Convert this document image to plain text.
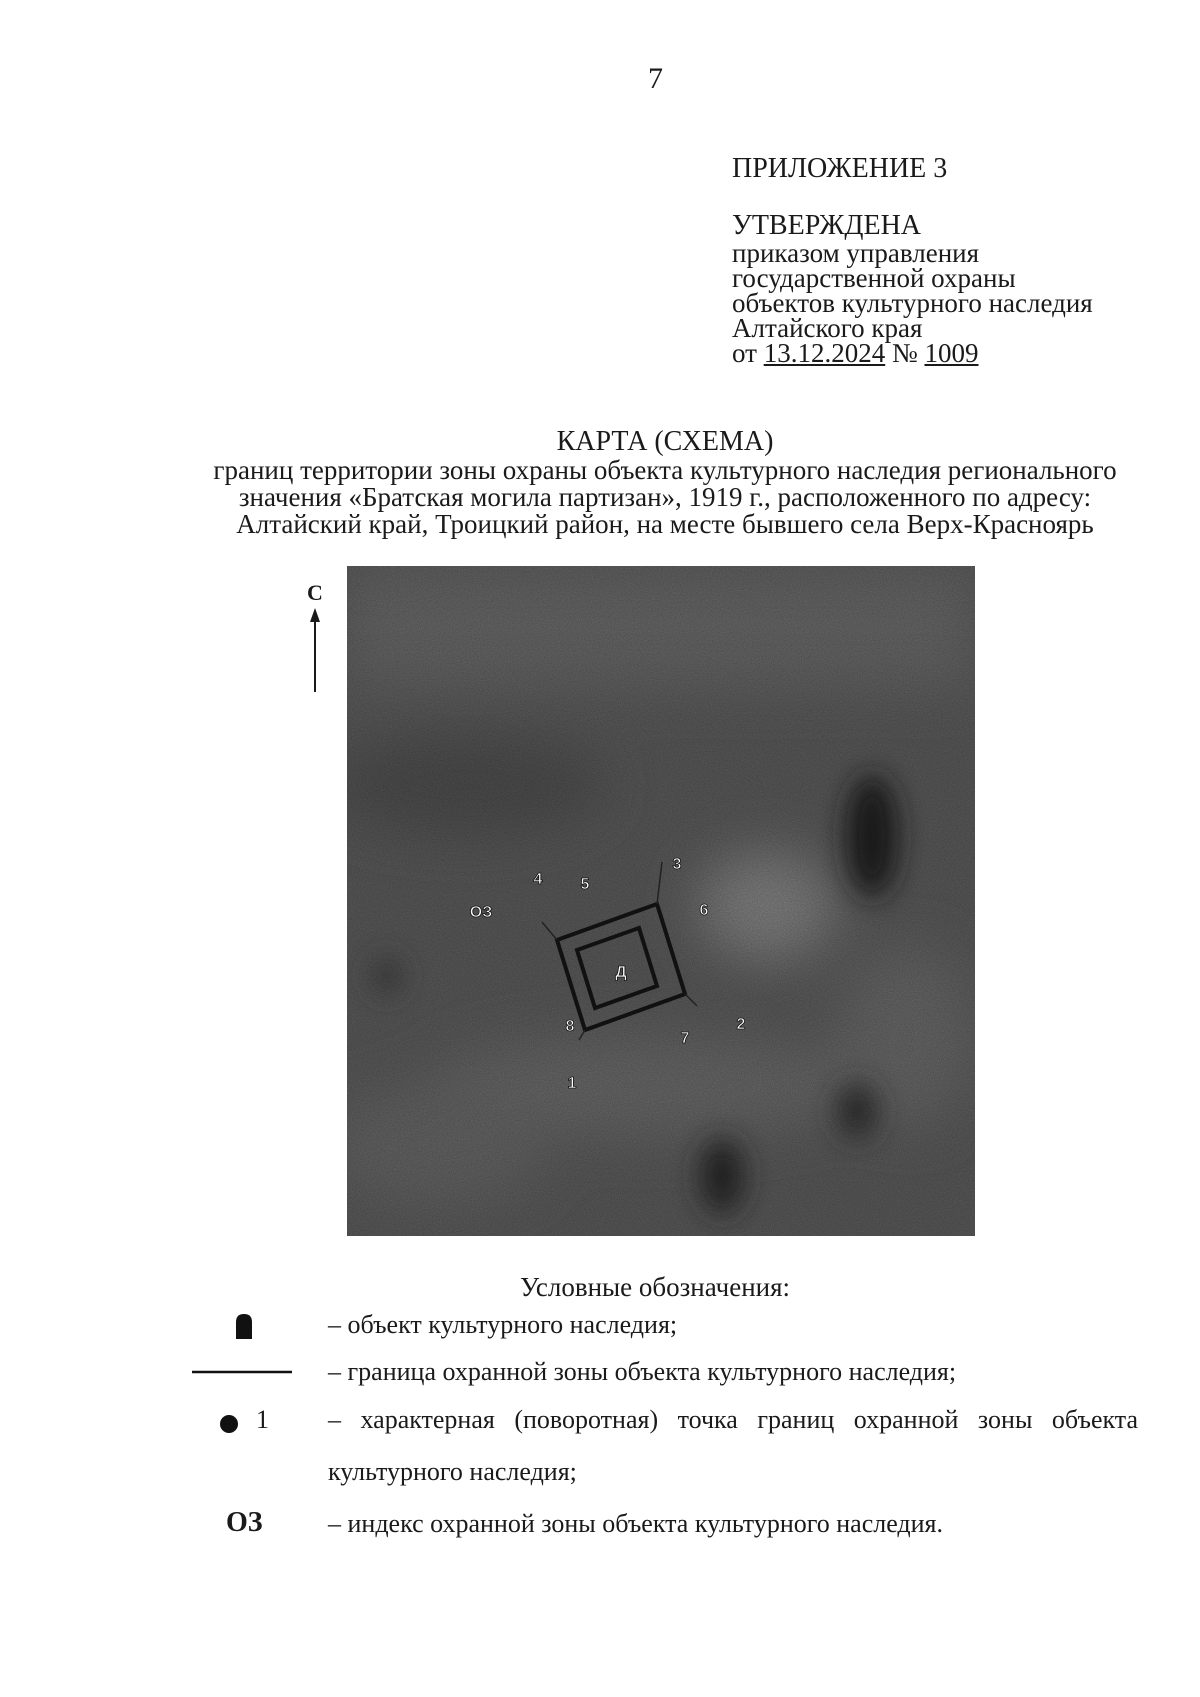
7
ПРИЛОЖЕНИЕ 3
УТВЕРЖДЕНА
приказом управления
государственной охраны
объектов культурного наследия
Алтайского края
от 13.12.2024 № 1009
КАРТА (СХЕМА)
границ территории зоны охраны объекта культурного наследия регионального
значения «Братская могила партизан», 1919 г., расположенного по адресу:
Алтайский край, Троицкий район, на месте бывшего села Верх-Красноярь
С
ОЗ
Д
8
4 5
3
6
2
7
1
Условные обозначения:
– объект культурного наследия;
– граница охранной зоны объекта культурного наследия;
1 – характерная (поворотная) точка границ охранной зоны объекта
культурного наследия;
ОЗ	– индекс охранной зоны объекта культурного наследия.
